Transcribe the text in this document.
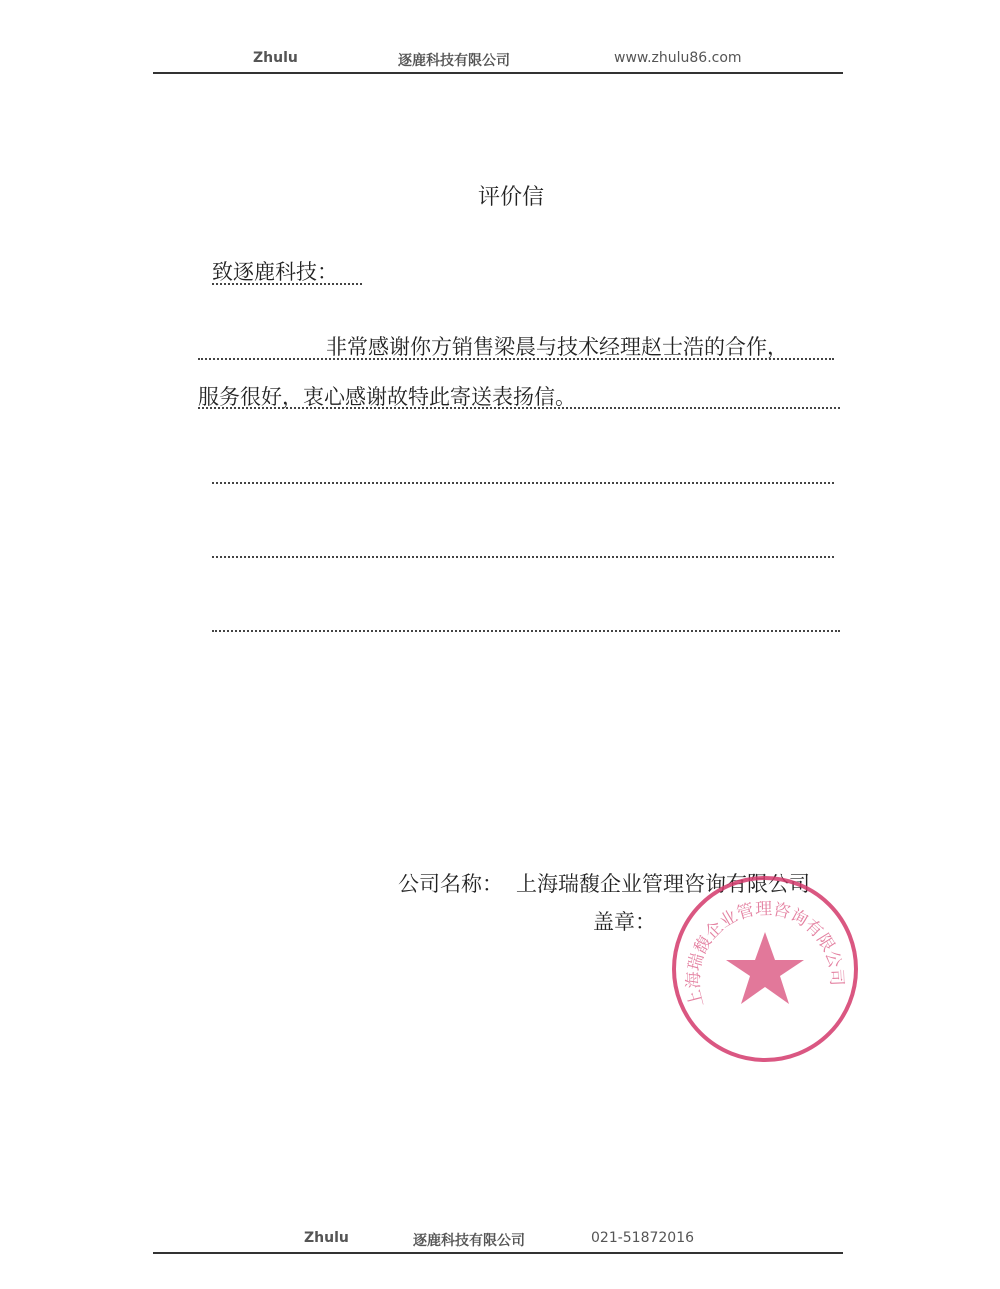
Zhulu	逐鹿科技有限公司	www.zhulu86.com
评价信
致逐鹿科技：
非常感谢你方销售梁晨与技术经理赵士浩的合作，
服务很好，衷心感谢故特此寄送表扬信。
公司名称： 上海瑞馥企业管理咨询有限公司
盖章：
上海瑞馥企业管理咨询有限公司
Zhulu	逐鹿科技有限公司	021-51872016
